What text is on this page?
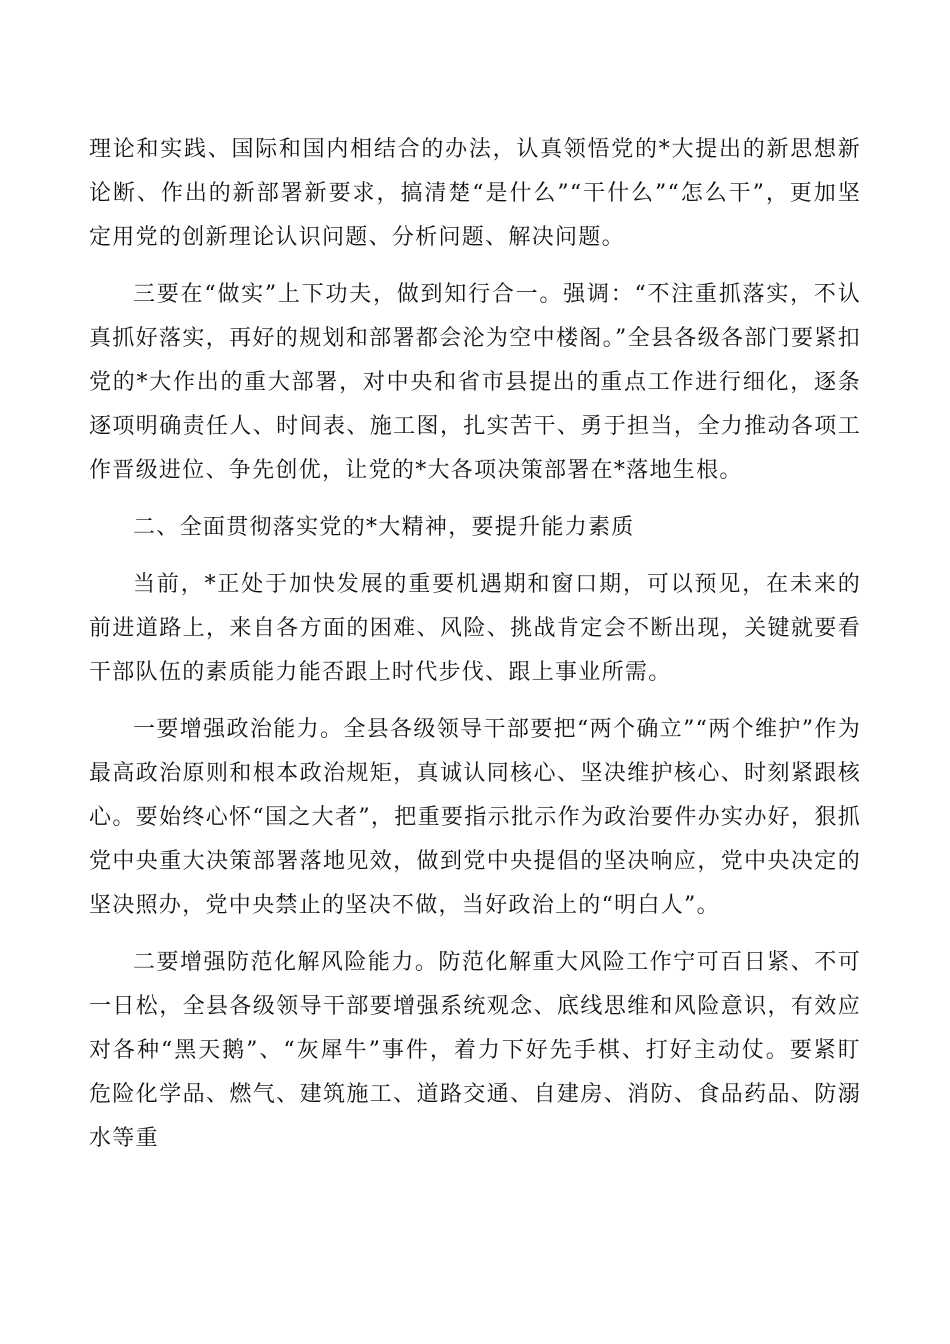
理论和实践、国际和国内相结合的办法，认真领悟党的*大提出的新思想新论断、作出的新部署新要求，搞清楚“是什么”“干什么”“怎么干”，更加坚定用党的创新理论认识问题、分析问题、解决问题。

三要在“做实”上下功夫，做到知行合一。强调：“不注重抓落实，不认真抓好落实，再好的规划和部署都会沦为空中楼阁。”全县各级各部门要紧扣党的*大作出的重大部署，对中央和省市县提出的重点工作进行细化，逐条逐项明确责任人、时间表、施工图，扎实苦干、勇于担当，全力推动各项工作晋级进位、争先创优，让党的*大各项决策部署在*落地生根。

二、全面贯彻落实党的*大精神，要提升能力素质

当前，*正处于加快发展的重要机遇期和窗口期，可以预见，在未来的前进道路上，来自各方面的困难、风险、挑战肯定会不断出现，关键就要看干部队伍的素质能力能否跟上时代步伐、跟上事业所需。

一要增强政治能力。全县各级领导干部要把“两个确立”“两个维护”作为最高政治原则和根本政治规矩，真诚认同核心、坚决维护核心、时刻紧跟核心。要始终心怀“国之大者”，把重要指示批示作为政治要件办实办好，狠抓党中央重大决策部署落地见效，做到党中央提倡的坚决响应，党中央决定的坚决照办，党中央禁止的坚决不做，当好政治上的“明白人”。

二要增强防范化解风险能力。防范化解重大风险工作宁可百日紧、不可一日松，全县各级领导干部要增强系统观念、底线思维和风险意识，有效应对各种“黑天鹅”、“灰犀牛”事件，着力下好先手棋、打好主动仗。要紧盯危险化学品、燃气、建筑施工、道路交通、自建房、消防、食品药品、防溺水等重
